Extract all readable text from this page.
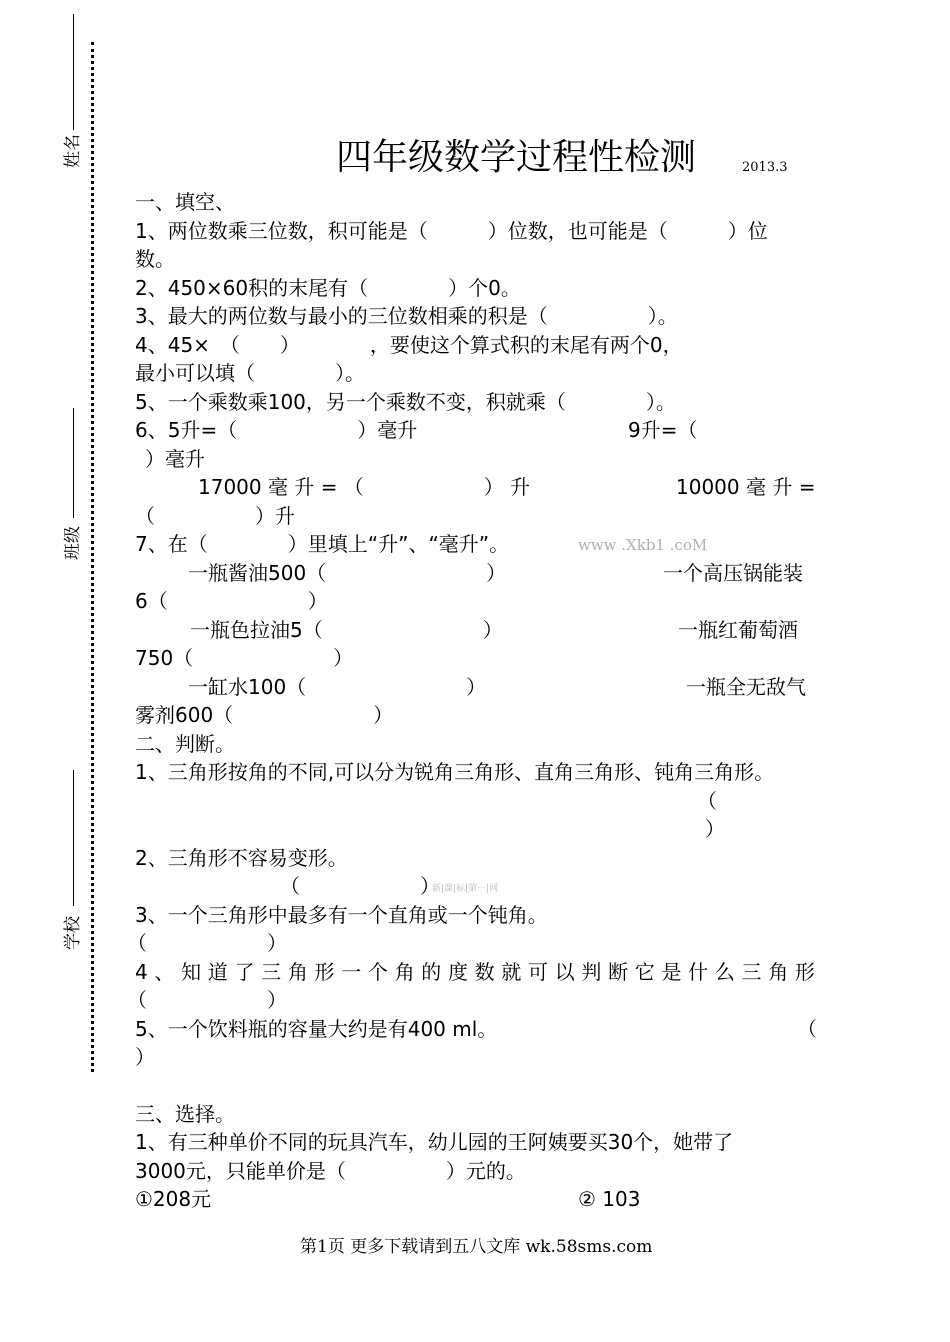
姓名
班级
学校
四年级数学过程性检测	2013.3
一、填空、
1、两位数乘三位数，积可能是（　　　）位数，也可能是（　　　）位
数。
2、450×60积的末尾有（　　　　）个0。
3、最大的两位数与最小的三位数相乘的积是（　　　　　）。
4、45×　（　　）　　　　，要使这个算式积的末尾有两个0，
最小可以填（　　　　）。
5、一个乘数乘100，另一个乘数不变，积就乘（　　　　）。
6、5升=（　　　　　　）毫升	9升=（
）毫升
17000 毫 升 = （　　　　　　） 升	10000 毫 升 =
（　　　　　）升
7、在（　　　　）里填上“升”、“毫升”。	www .Xkb1 .coM
一瓶酱油500（　　　　　　　　）	一个高压锅能装
6（　　　　　　　）
一瓶色拉油5（　　　　　　　　）	一瓶红葡萄酒
750（　　　　　　　）
一缸水100（　　　　　　　　）	一瓶全无敌气
雾剂600（　　　　　　　）
二、判断。
1、三角形按角的不同,可以分为锐角三角形、直角三角形、钝角三角形。
（
）
2、三角形不容易变形。
（　　　　　　）
新|课|标|第一|网
3、一个三角形中最多有一个直角或一个钝角。
（　　　　　　）
4 、 知 道 了 三 角 形 一 个 角 的 度 数 就 可 以 判 断 它 是 什 么 三 角 形
（　　　　　　）
5、一个饮料瓶的容量大约是有400 ml。	（
）
三、选择。
1、有三种单价不同的玩具汽车，幼儿园的王阿姨要买30个，她带了
3000元，只能单价是（　　　　　）元的。
①208元	② 103
第1页 更多下载请到五八文库 wk.58sms.com
